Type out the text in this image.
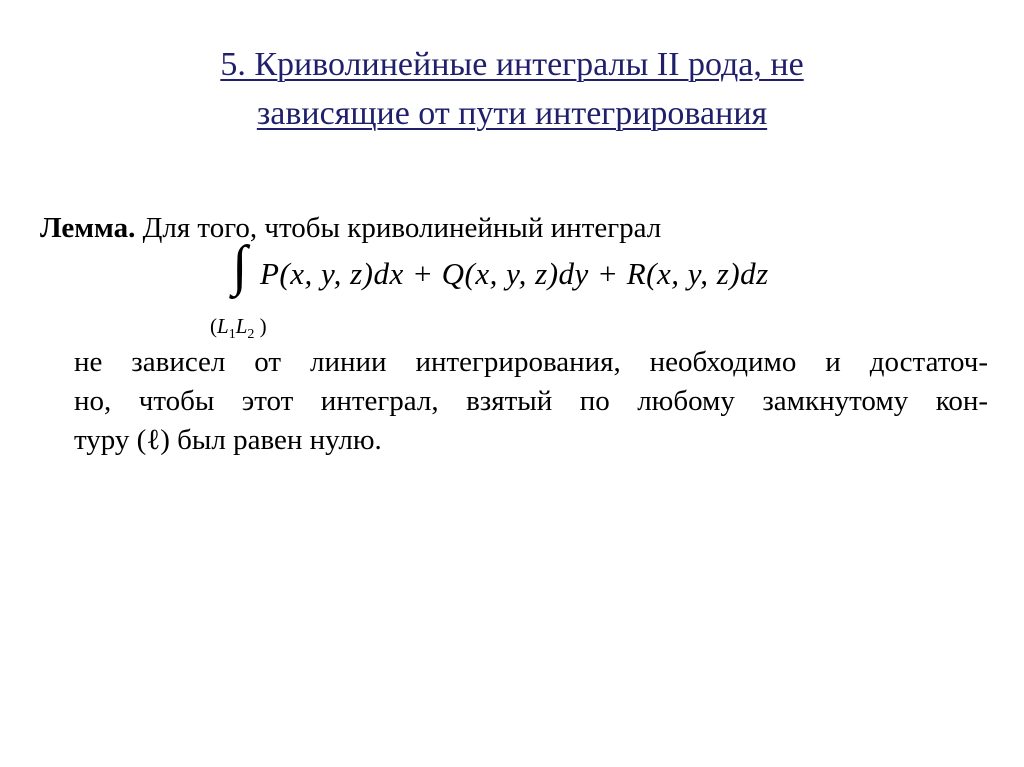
5. Криволинейные интегралы II рода, не
зависящие от пути интегрирования
Лемма. Для того, чтобы криволинейный интеграл
∫ P(x, y, z)dx + Q(x, y, z)dy + R(x, y, z)dz
($L_1L_2$ )
не зависел от линии интегрирования, необходимо и достаточ-
но, чтобы этот интеграл, взятый по любому замкнутому кон-
туру (ℓ) был равен нулю.
